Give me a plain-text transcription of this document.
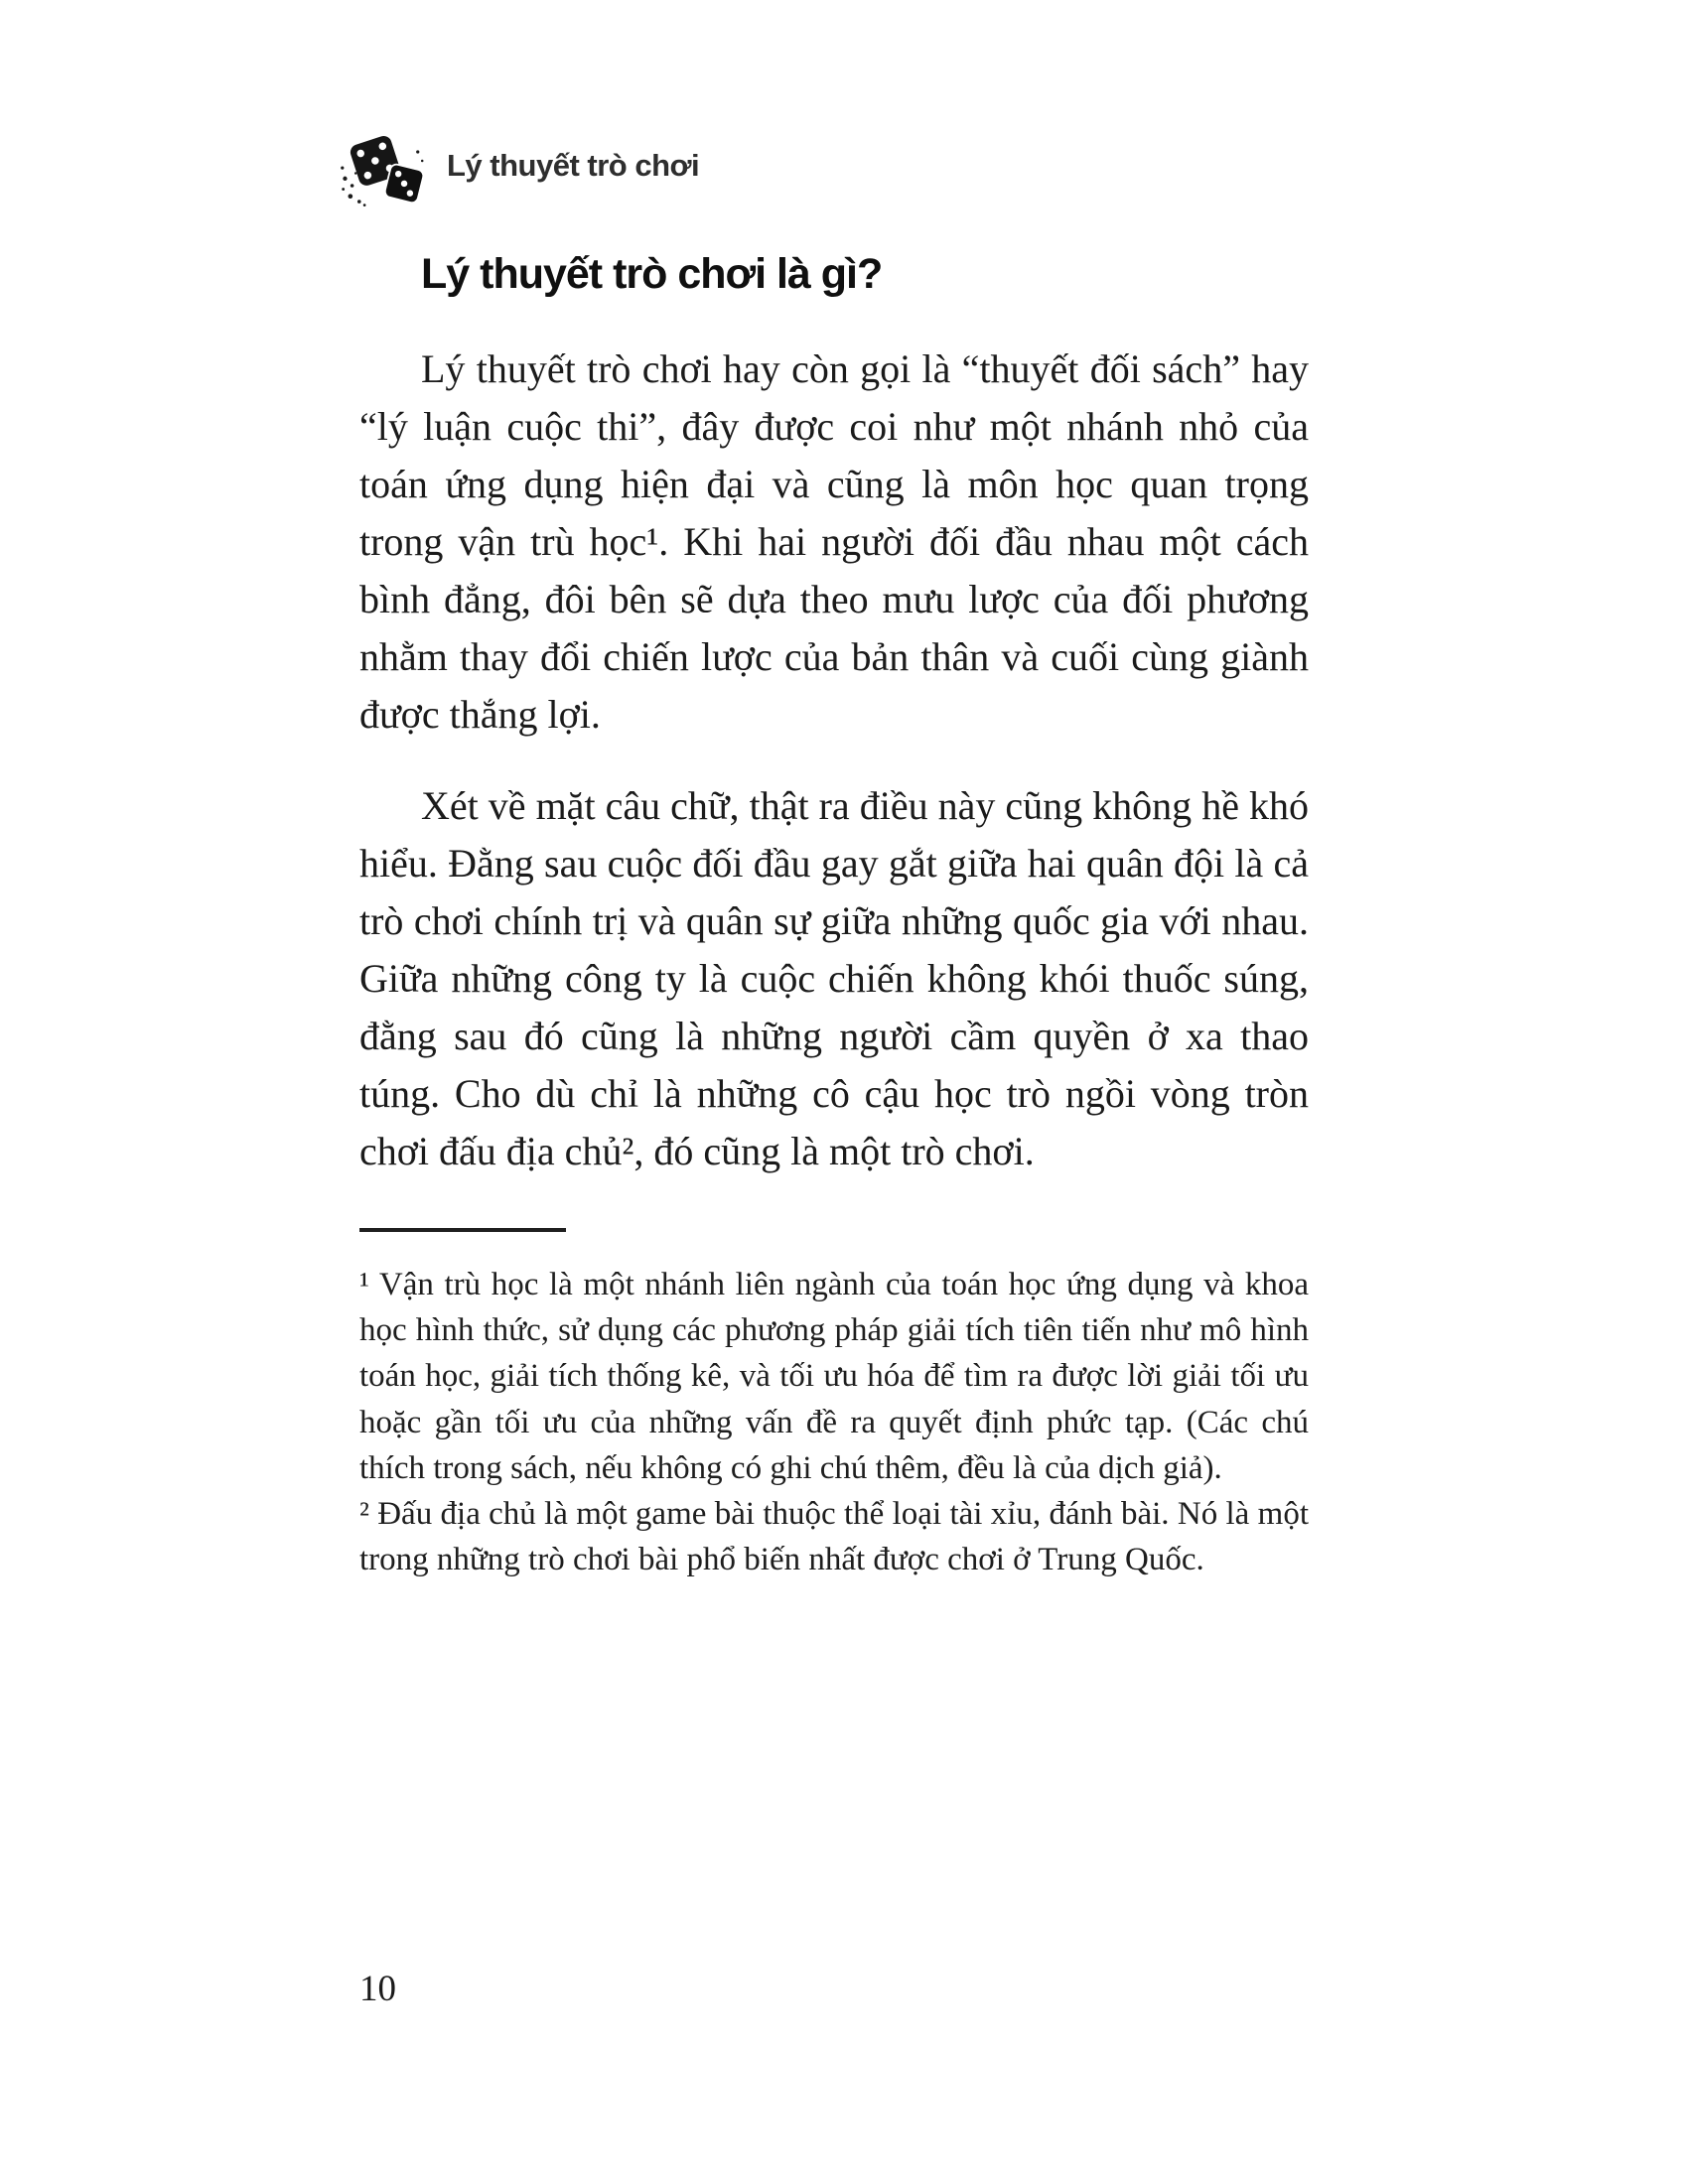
Lý thuyết trò chơi
Lý thuyết trò chơi là gì?

Lý thuyết trò chơi hay còn gọi là “thuyết đối sách” hay “lý luận cuộc thi”, đây được coi như một nhánh nhỏ của toán ứng dụng hiện đại và cũng là môn học quan trọng trong vận trù học¹. Khi hai người đối đầu nhau một cách bình đẳng, đôi bên sẽ dựa theo mưu lược của đối phương nhằm thay đổi chiến lược của bản thân và cuối cùng giành được thắng lợi.

Xét về mặt câu chữ, thật ra điều này cũng không hề khó hiểu. Đằng sau cuộc đối đầu gay gắt giữa hai quân đội là cả trò chơi chính trị và quân sự giữa những quốc gia với nhau. Giữa những công ty là cuộc chiến không khói thuốc súng, đằng sau đó cũng là những người cầm quyền ở xa thao túng. Cho dù chỉ là những cô cậu học trò ngồi vòng tròn chơi đấu địa chủ², đó cũng là một trò chơi.

¹ Vận trù học là một nhánh liên ngành của toán học ứng dụng và khoa học hình thức, sử dụng các phương pháp giải tích tiên tiến như mô hình toán học, giải tích thống kê, và tối ưu hóa để tìm ra được lời giải tối ưu hoặc gần tối ưu của những vấn đề ra quyết định phức tạp. (Các chú thích trong sách, nếu không có ghi chú thêm, đều là của dịch giả).

² Đấu địa chủ là một game bài thuộc thể loại tài xỉu, đánh bài. Nó là một trong những trò chơi bài phổ biến nhất được chơi ở Trung Quốc.

10
